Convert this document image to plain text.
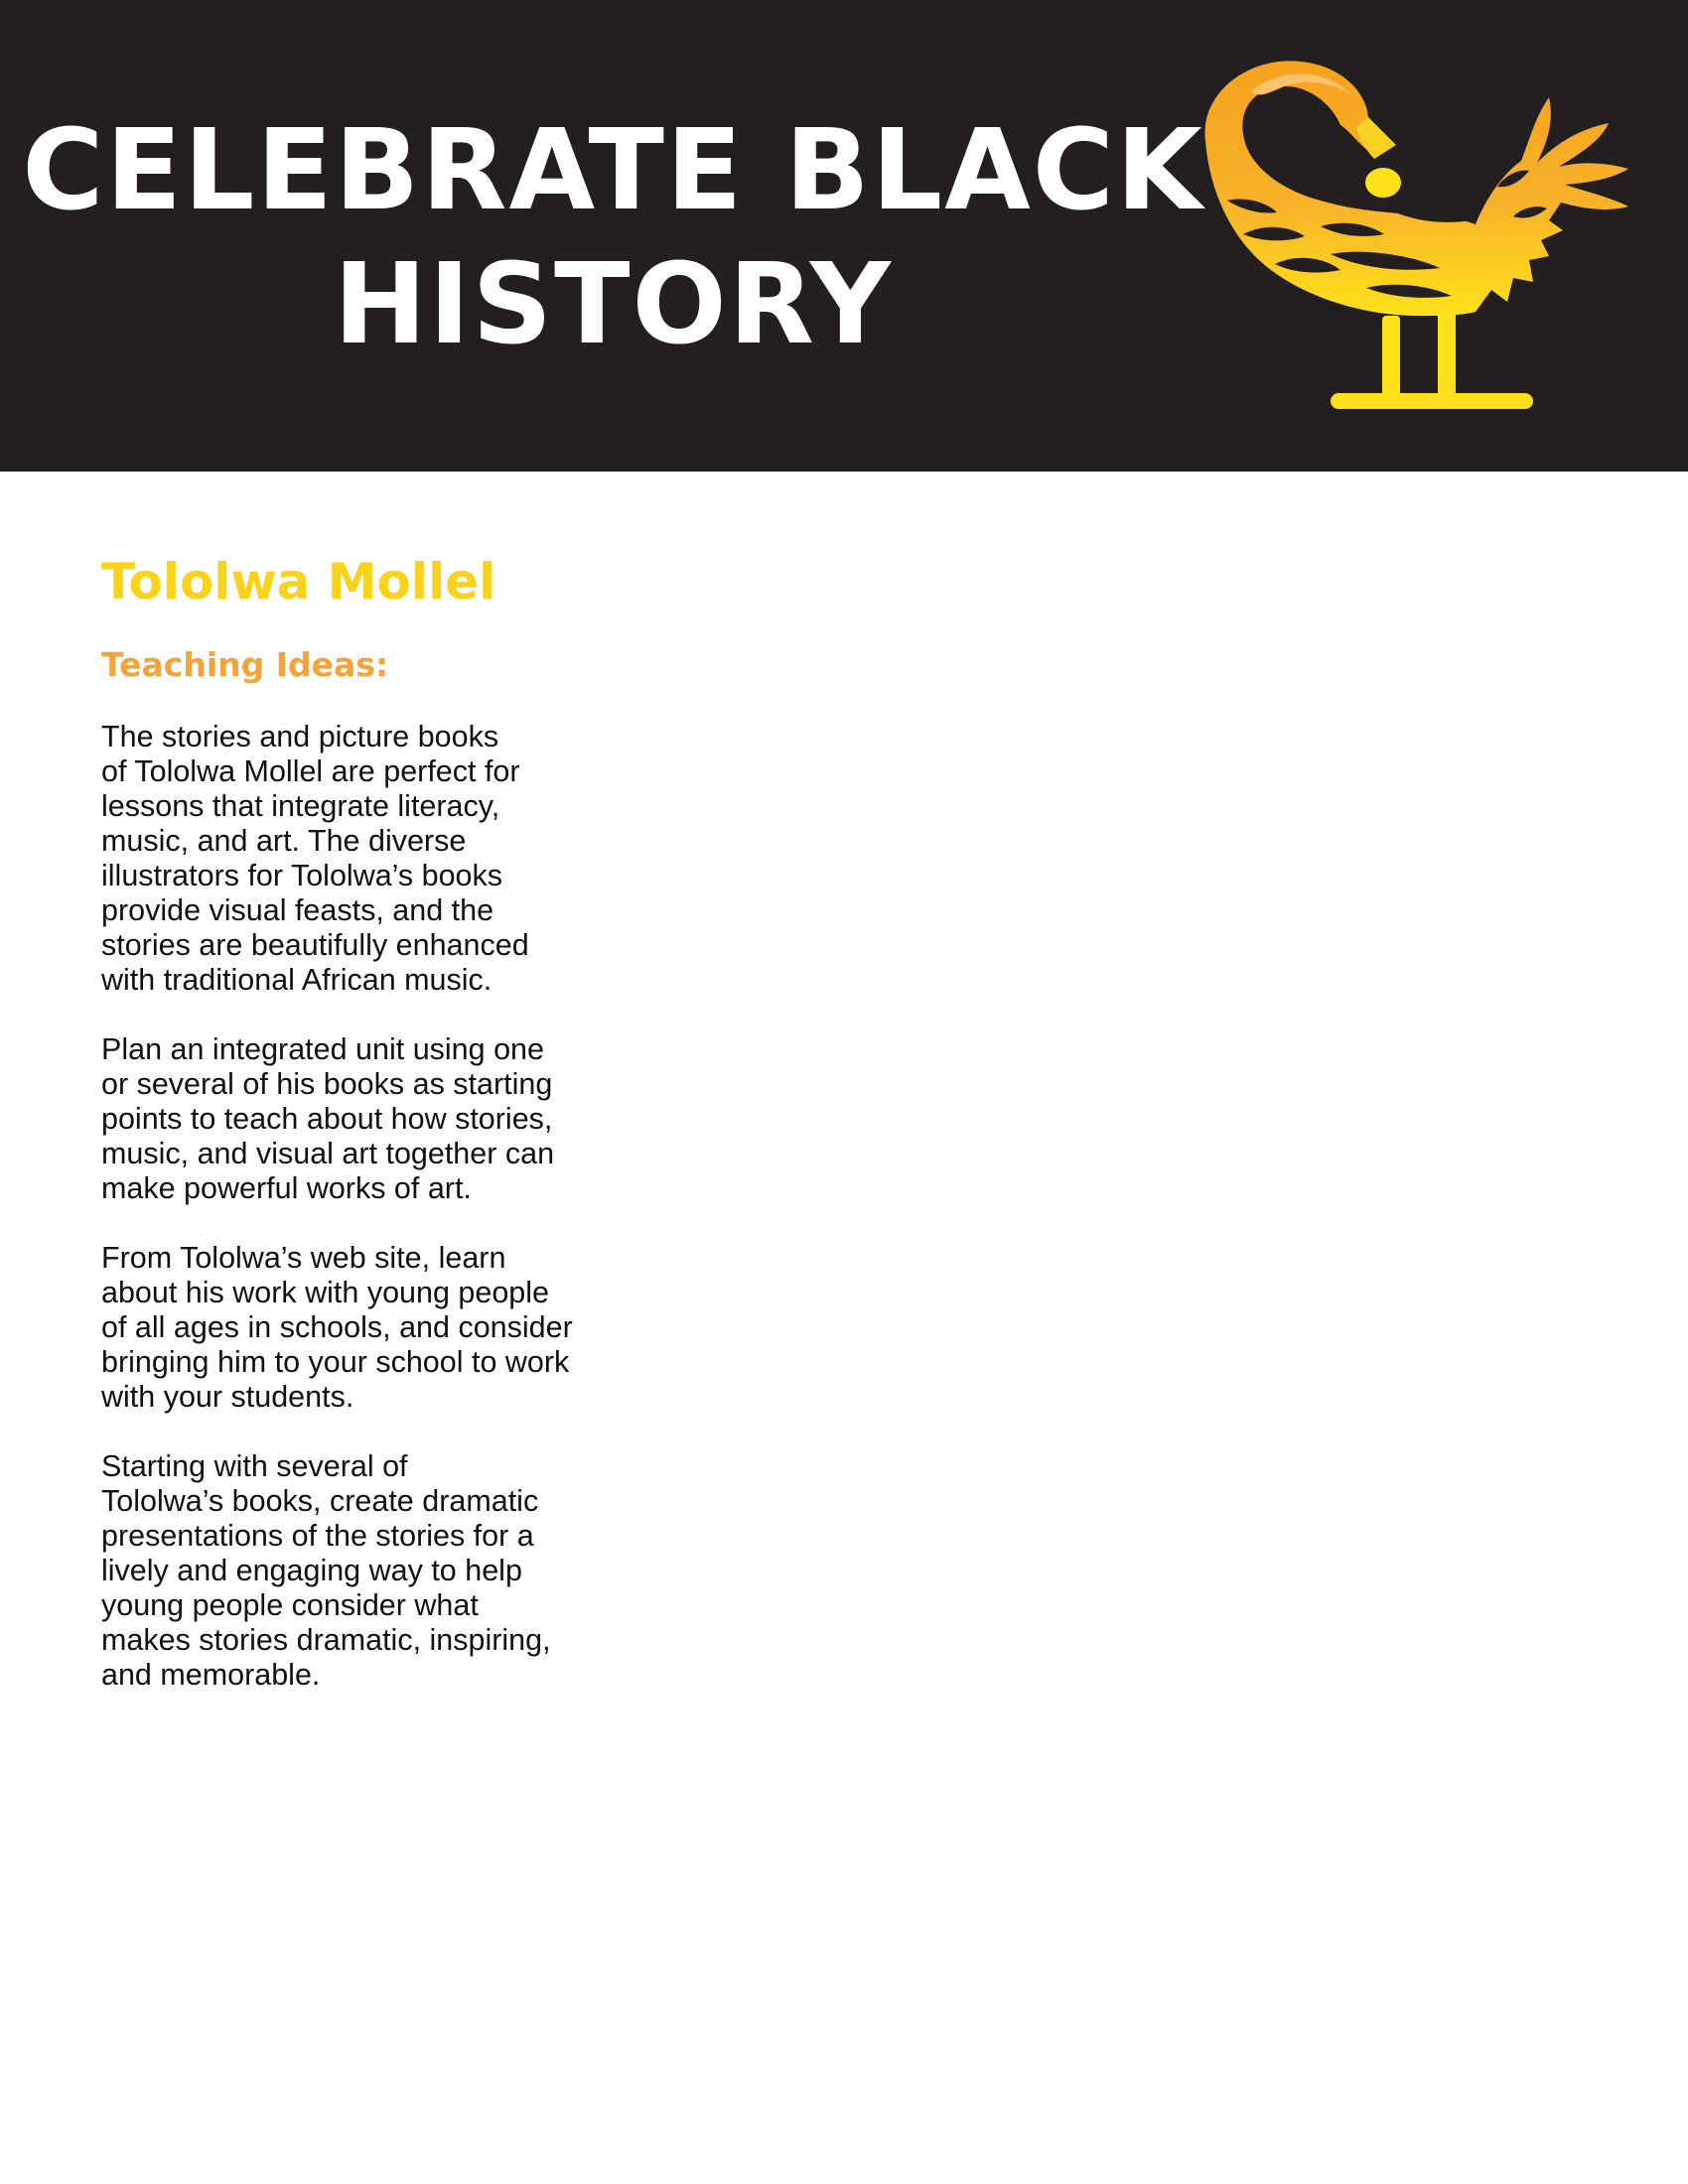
CELEBRATE BLACK
HISTORY
Tololwa Mollel
Teaching Ideas:

The stories and picture books
of Tololwa Mollel are perfect for
lessons that integrate literacy,
music, and art. The diverse
illustrators for Tololwa’s books
provide visual feasts, and the
stories are beautifully enhanced
with traditional African music.

Plan an integrated unit using one
or several of his books as starting
points to teach about how stories,
music, and visual art together can
make powerful works of art.

From Tololwa’s web site, learn
about his work with young people
of all ages in schools, and consider
bringing him to your school to work
with your students.

Starting with several of
Tololwa’s books, create dramatic
presentations of the stories for a
lively and engaging way to help
young people consider what
makes stories dramatic, inspiring,
and memorable.
